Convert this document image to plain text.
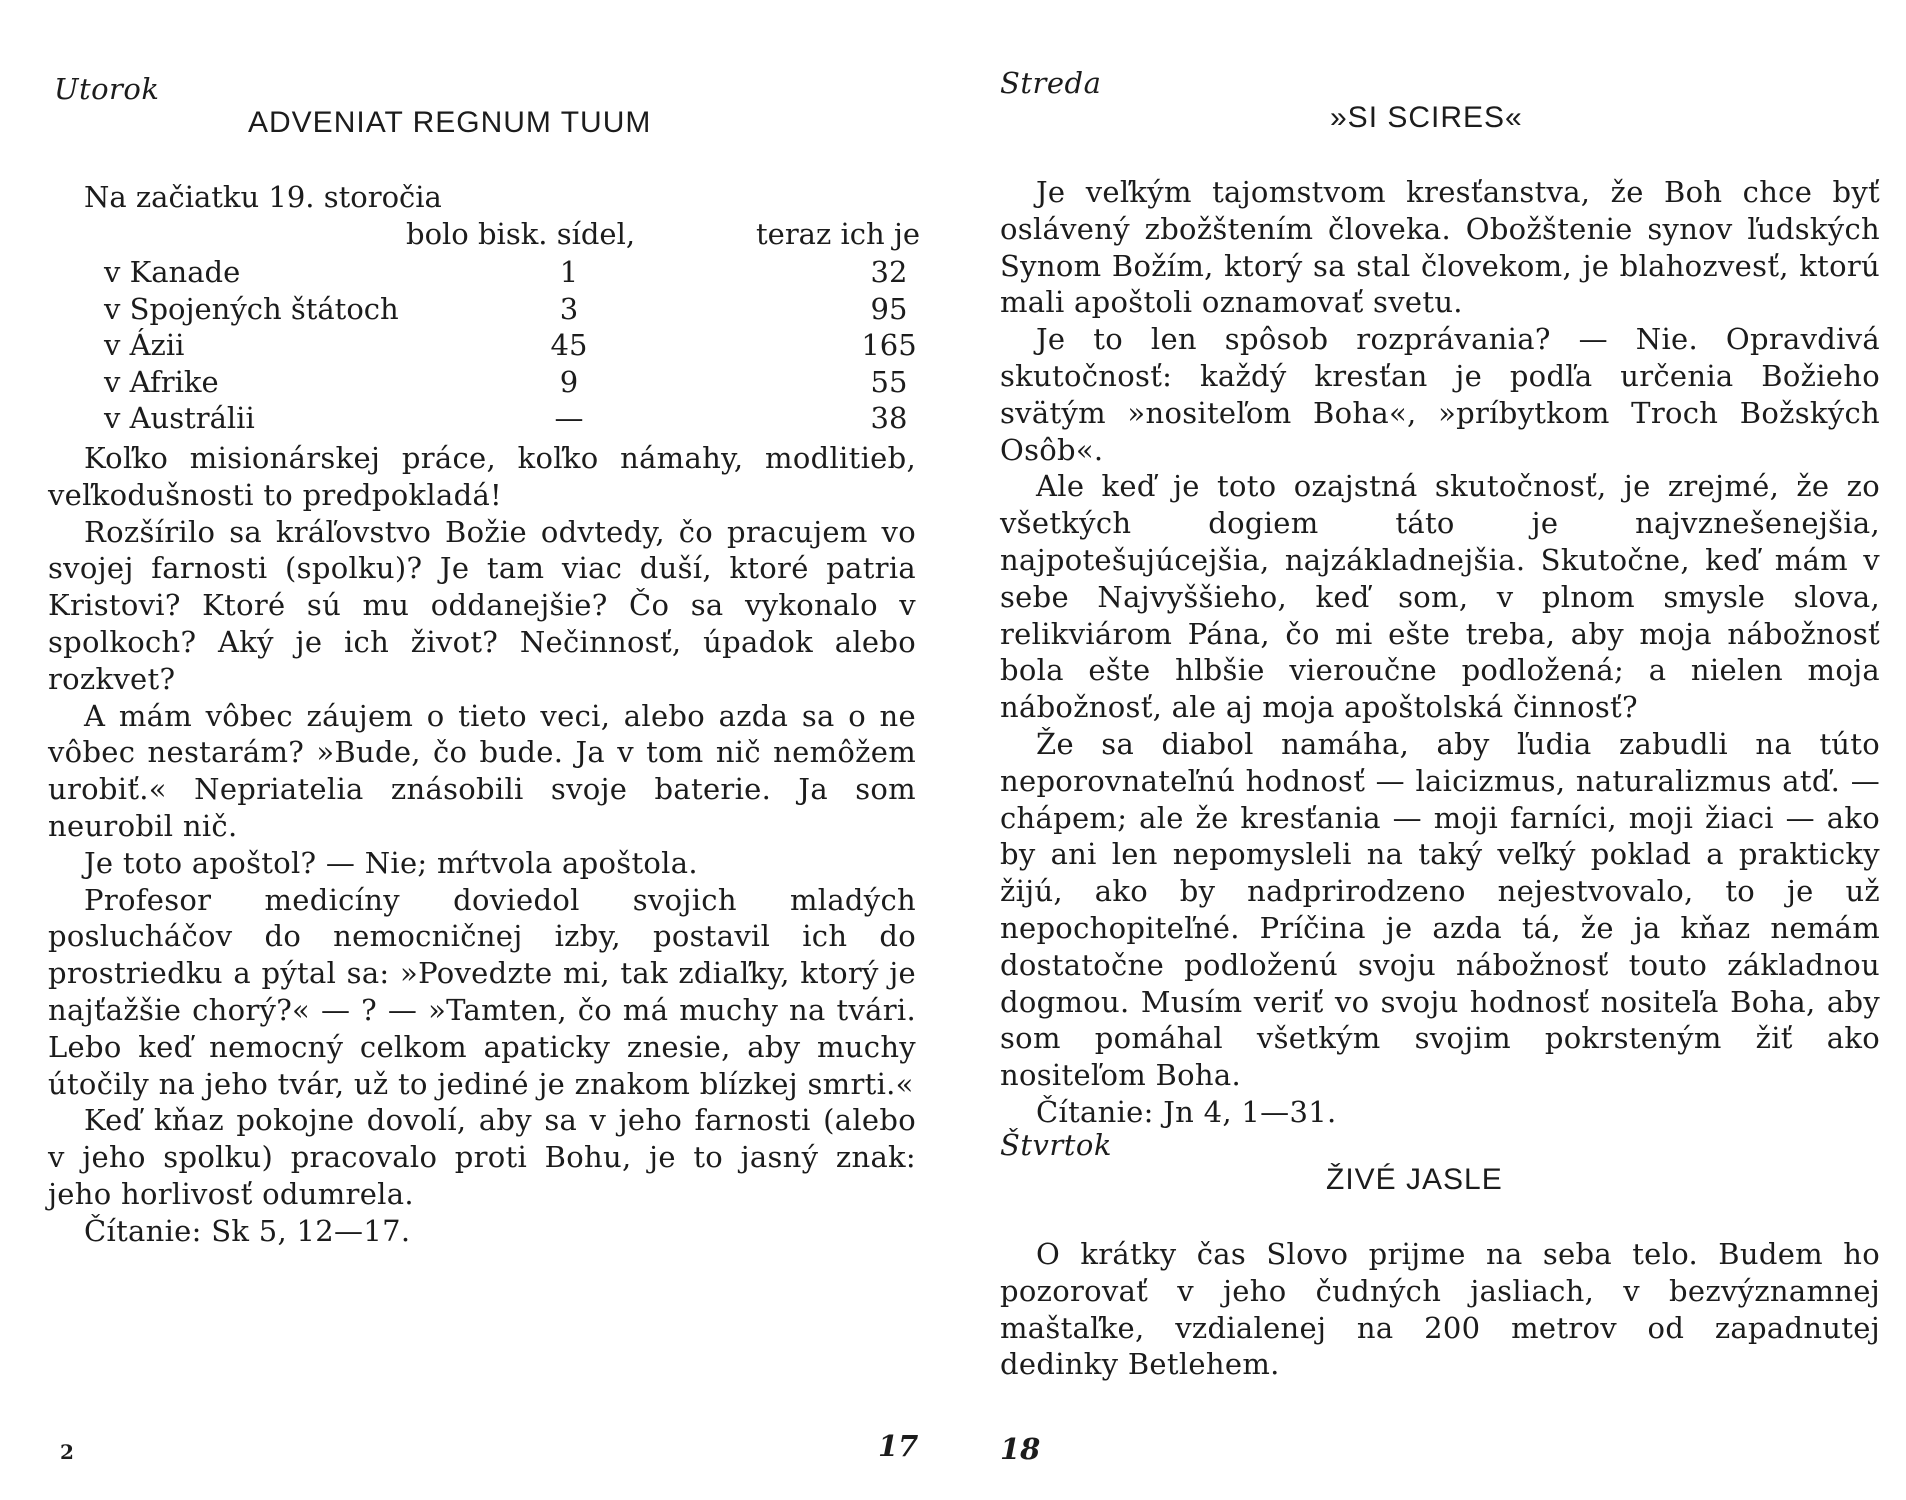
Utorok
ADVENIAT REGNUM TUUM
Na začiatku 19. storočia
bolo bisk. sídel,	teraz ich je
v Kanade	1	32
v Spojených štátoch	3	95
v Ázii	45	165
v Afrike	9	55
v Austrálii	—	38

Koľko misionárskej práce, koľko námahy, modlitieb, veľkodušnosti to predpokladá!

Rozšírilo sa kráľovstvo Božie odvtedy, čo pracujem vo svojej farnosti (spolku)? Je tam viac duší, ktoré patria Kristovi? Ktoré sú mu oddanejšie? Čo sa vykonalo v spolkoch? Aký je ich život? Nečinnosť, úpadok alebo rozkvet?

A mám vôbec záujem o tieto veci, alebo azda sa o ne vôbec nestarám? »Bude, čo bude. Ja v tom nič nemôžem urobiť.« Nepriatelia znásobili svoje baterie. Ja som neurobil nič.

Je toto apoštol? — Nie; mŕtvola apoštola.

Profesor medicíny doviedol svojich mladých poslucháčov do nemocničnej izby, postavil ich do prostriedku a pýtal sa: »Povedzte mi, tak zdiaľky, ktorý je najťažšie chorý?« — ? — »Tamten, čo má muchy na tvári. Lebo keď nemocný celkom apaticky znesie, aby muchy útočily na jeho tvár, už to jediné je znakom blízkej smrti.«

Keď kňaz pokojne dovolí, aby sa v jeho farnosti (alebo v jeho spolku) pracovalo proti Bohu, je to jasný znak: jeho horlivosť odumrela.

Čítanie: Sk 5, 12—17.

2	17
Streda
»SI SCIRES«

Je veľkým tajomstvom kresťanstva, že Boh chce byť oslávený zbožštením človeka. Obožštenie synov ľudských Synom Božím, ktorý sa stal človekom, je blahozvesť, ktorú mali apoštoli oznamovať svetu.

Je to len spôsob rozprávania? — Nie. Opravdivá skutočnosť: každý kresťan je podľa určenia Božieho svätým »nositeľom Boha«, »príbytkom Troch Božských Osôb«.

Ale keď je toto ozajstná skutočnosť, je zrejmé, že zo všetkých dogiem táto je najvznešenejšia, najpotešujúcejšia, najzákladnejšia. Skutočne, keď mám v sebe Najvyššieho, keď som, v plnom smysle slova, relikviárom Pána, čo mi ešte treba, aby moja nábožnosť bola ešte hlbšie vieroučne podložená; a nielen moja nábožnosť, ale aj moja apoštolská činnosť?

Že sa diabol namáha, aby ľudia zabudli na túto neporovnateľnú hodnosť — laicizmus, naturalizmus atď. — chápem; ale že kresťania — moji farníci, moji žiaci — ako by ani len nepomysleli na taký veľký poklad a prakticky žijú, ako by nadprirodzeno nejestvovalo, to je už nepochopiteľné. Príčina je azda tá, že ja kňaz nemám dostatočne podloženú svoju nábožnosť touto základnou dogmou. Musím veriť vo svoju hodnosť nositeľa Boha, aby som pomáhal všetkým svojim pokrsteným žiť ako nositeľom Boha.

Čítanie: Jn 4, 1—31.

Štvrtok
ŽIVÉ JASLE

O krátky čas Slovo prijme na seba telo. Budem ho pozorovať v jeho čudných jasliach, v bezvýznamnej maštaľke, vzdialenej na 200 metrov od zapadnutej dedinky Betlehem.

18
